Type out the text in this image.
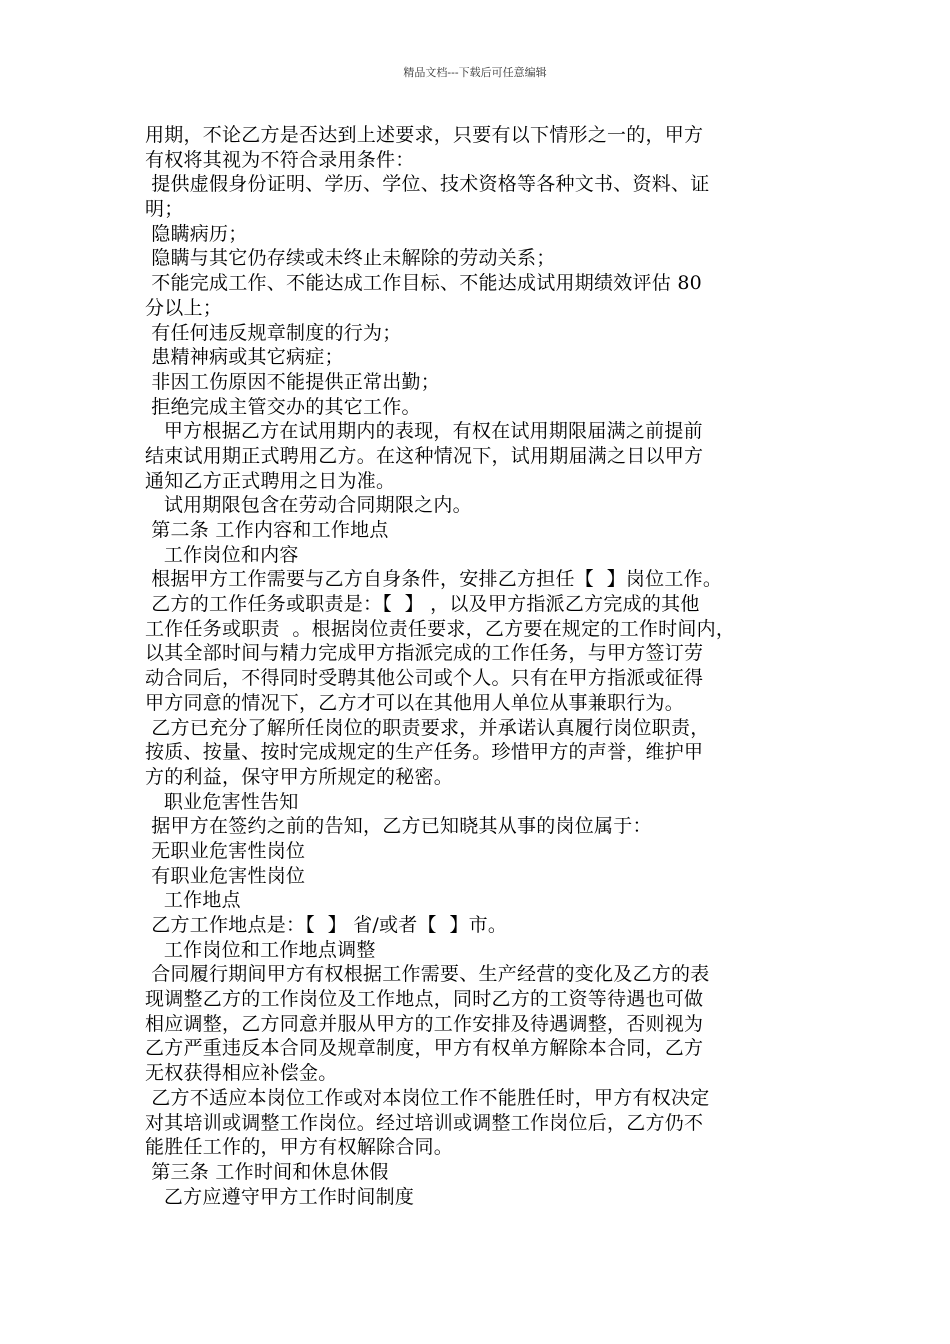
精品文档---下载后可任意编辑
用期，不论乙方是否达到上述要求，只要有以下情形之一的，甲方
有权将其视为不符合录用条件：
提供虚假身份证明、学历、学位、技术资格等各种文书、资料、证
明；
隐瞒病历；
隐瞒与其它仍存续或未终止未解除的劳动关系；
不能完成工作、不能达成工作目标、不能达成试用期绩效评估 80
分以上；
有任何违反规章制度的行为；
患精神病或其它病症；
非因工伤原因不能提供正常出勤；
拒绝完成主管交办的其它工作。
甲方根据乙方在试用期内的表现，有权在试用期限届满之前提前
结束试用期正式聘用乙方。在这种情况下，试用期届满之日以甲方
通知乙方正式聘用之日为准。
试用期限包含在劳动合同期限之内。
第二条 工作内容和工作地点
工作岗位和内容
根据甲方工作需要与乙方自身条件，安排乙方担任【  】岗位工作。
乙方的工作任务或职责是：【  】 ，以及甲方指派乙方完成的其他
工作任务或职责  。根据岗位责任要求，乙方要在规定的工作时间内，
以其全部时间与精力完成甲方指派完成的工作任务，与甲方签订劳
动合同后，不得同时受聘其他公司或个人。只有在甲方指派或征得
甲方同意的情况下，乙方才可以在其他用人单位从事兼职行为。
乙方已充分了解所任岗位的职责要求，并承诺认真履行岗位职责，
按质、按量、按时完成规定的生产任务。珍惜甲方的声誉，维护甲
方的利益，保守甲方所规定的秘密。
职业危害性告知
据甲方在签约之前的告知，乙方已知晓其从事的岗位属于：
无职业危害性岗位
有职业危害性岗位
工作地点
乙方工作地点是：【  】 省/或者【  】市。
工作岗位和工作地点调整
合同履行期间甲方有权根据工作需要、生产经营的变化及乙方的表
现调整乙方的工作岗位及工作地点，同时乙方的工资等待遇也可做
相应调整，乙方同意并服从甲方的工作安排及待遇调整，否则视为
乙方严重违反本合同及规章制度，甲方有权单方解除本合同，乙方
无权获得相应补偿金。
乙方不适应本岗位工作或对本岗位工作不能胜任时，甲方有权决定
对其培训或调整工作岗位。经过培训或调整工作岗位后，乙方仍不
能胜任工作的，甲方有权解除合同。
第三条 工作时间和休息休假
乙方应遵守甲方工作时间制度
